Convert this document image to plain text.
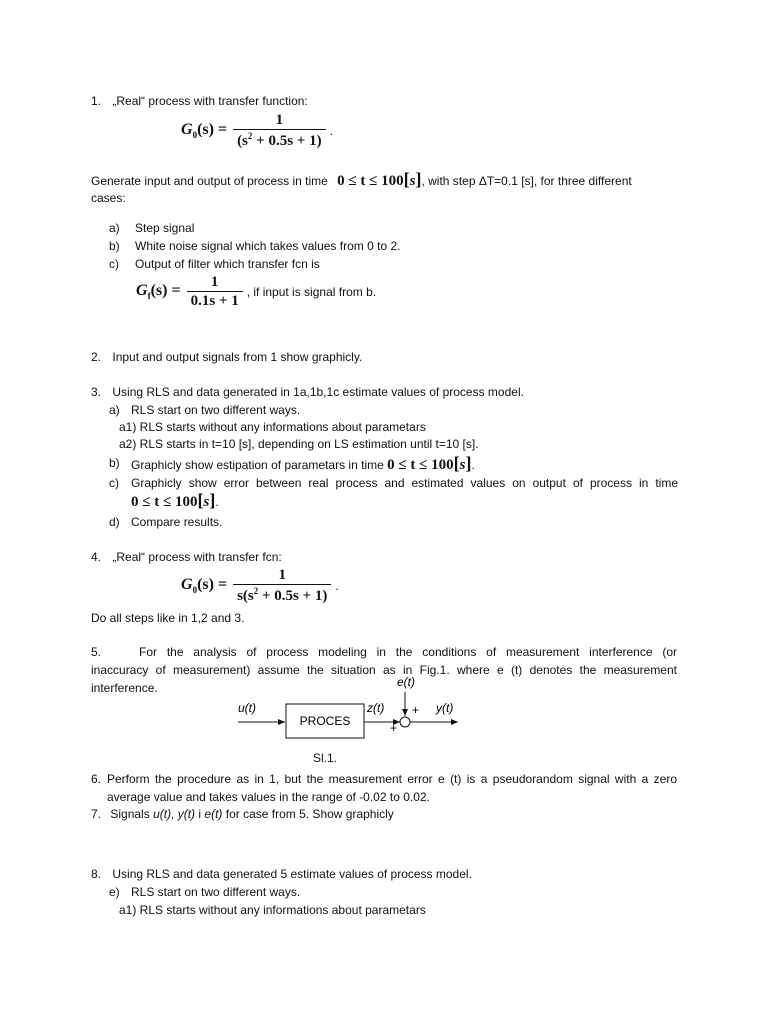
1. „Real“ process with transfer function:
$G_0(s) = \frac{1}{(s^2 + 0.5s + 1)}$ .
Generate input and output of process in time 0 ≤ t ≤ 100[s], with step ΔT=0.1 [s], for three different
cases:
a) Step signal
b) White noise signal which takes values from 0 to 2.
c) Output of filter which transfer fcn is
$G_f(s) = \frac{1}{0.1s + 1}$ , if input is signal from b.
2. Input and output signals from 1 show graphicly.
3. Using RLS and data generated in 1a,1b,1c estimate values of process model.
a) RLS start on two different ways.
a1) RLS starts without any informations about parametars
a2) RLS starts in t=10 [s], depending on LS estimation until t=10 [s].
b) Graphicly show estipation of parametars in time 0 ≤ t ≤ 100[s].
c) Graphicly show error between real process and estimated values on output of process in time
0 ≤ t ≤ 100[s].
d) Compare results.
4. „Real“ process with transfer fcn:
$G_0(s) = \frac{1}{s(s^2 + 0.5s + 1)}$ .
Do all steps like in 1,2 and 3.
5.	For the analysis of process modeling in the conditions of measurement interference (or
inaccuracy of measurement) assume the situation as in Fig.1. where e (t) denotes the measurement
interference.
u(t)
PROCES
z(t)
+
e(t)
+ y(t)
Sl.1.
6. Perform the procedure as in 1, but the measurement error e (t) is a pseudorandom signal with a zero
average value and takes values in the range of -0.02 to 0.02.
7. Signals u(t), y(t) i e(t) for case from 5. Show graphicly
8. Using RLS and data generated 5 estimate values of process model.
e) RLS start on two different ways.
a1) RLS starts without any informations about parametars
